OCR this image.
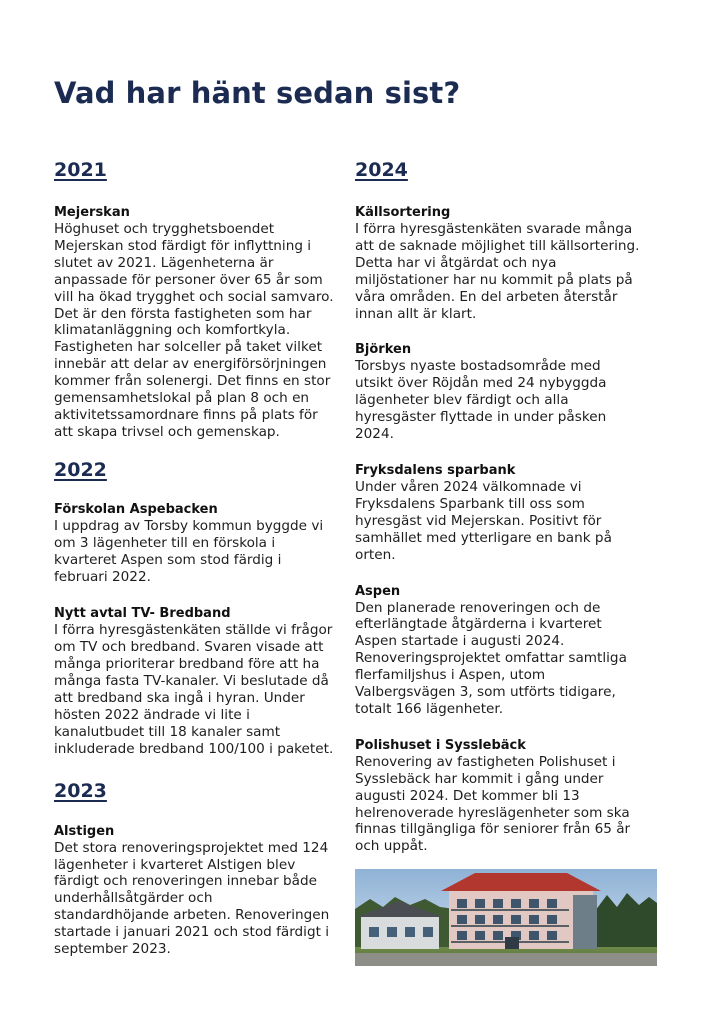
Vad har hänt sedan sist?
2021

Mejerskan

Höghuset och trygghetsboendet
Mejerskan stod färdigt för inflyttning i
slutet av 2021. Lägenheterna är
anpassade för personer över 65 år som
vill ha ökad trygghet och social samvaro.
Det är den första fastigheten som har
klimatanläggning och komfortkyla.
Fastigheten har solceller på taket vilket
innebär att delar av energiförsörjningen
kommer från solenergi. Det finns en stor
gemensamhetslokal på plan 8 och en
aktivitetssamordnare finns på plats för
att skapa trivsel och gemenskap.

2022

Förskolan Aspebacken

I uppdrag av Torsby kommun byggde vi
om 3 lägenheter till en förskola i
kvarteret Aspen som stod färdig i
februari 2022.

Nytt avtal TV- Bredband

I förra hyresgästenkäten ställde vi frågor
om TV och bredband. Svaren visade att
många prioriterar bredband före att ha
många fasta TV-kanaler. Vi beslutade då
att bredband ska ingå i hyran. Under
hösten 2022 ändrade vi lite i
kanalutbudet till 18 kanaler samt
inkluderade bredband 100/100 i paketet.

2023

Alstigen

Det stora renoveringsprojektet med 124
lägenheter i kvarteret Alstigen blev
färdigt och renoveringen innebar både
underhållsåtgärder och
standardhöjande arbeten. Renoveringen
startade i januari 2021 och stod färdigt i
september 2023.

2024

Källsortering

I förra hyresgästenkäten svarade många
att de saknade möjlighet till källsortering.
Detta har vi åtgärdat och nya
miljöstationer har nu kommit på plats på
våra områden. En del arbeten återstår
innan allt är klart.

Björken

Torsbys nyaste bostadsområde med
utsikt över Röjdån med 24 nybyggda
lägenheter blev färdigt och alla
hyresgäster flyttade in under påsken
2024.

Fryksdalens sparbank

Under våren 2024 välkomnade vi
Fryksdalens Sparbank till oss som
hyresgäst vid Mejerskan. Positivt för
samhället med ytterligare en bank på
orten.

Aspen

Den planerade renoveringen och de
efterlängtade åtgärderna i kvarteret
Aspen startade i augusti 2024.
Renoveringsprojektet omfattar samtliga
flerfamiljshus i Aspen, utom
Valbergsvägen 3, som utförts tidigare,
totalt 166 lägenheter.

Polishuset i Sysslebäck

Renovering av fastigheten Polishuset i
Sysslebäck har kommit i gång under
augusti 2024. Det kommer bli 13
helrenoverade hyreslägenheter som ska
finnas tillgängliga för seniorer från 65 år
och uppåt.
